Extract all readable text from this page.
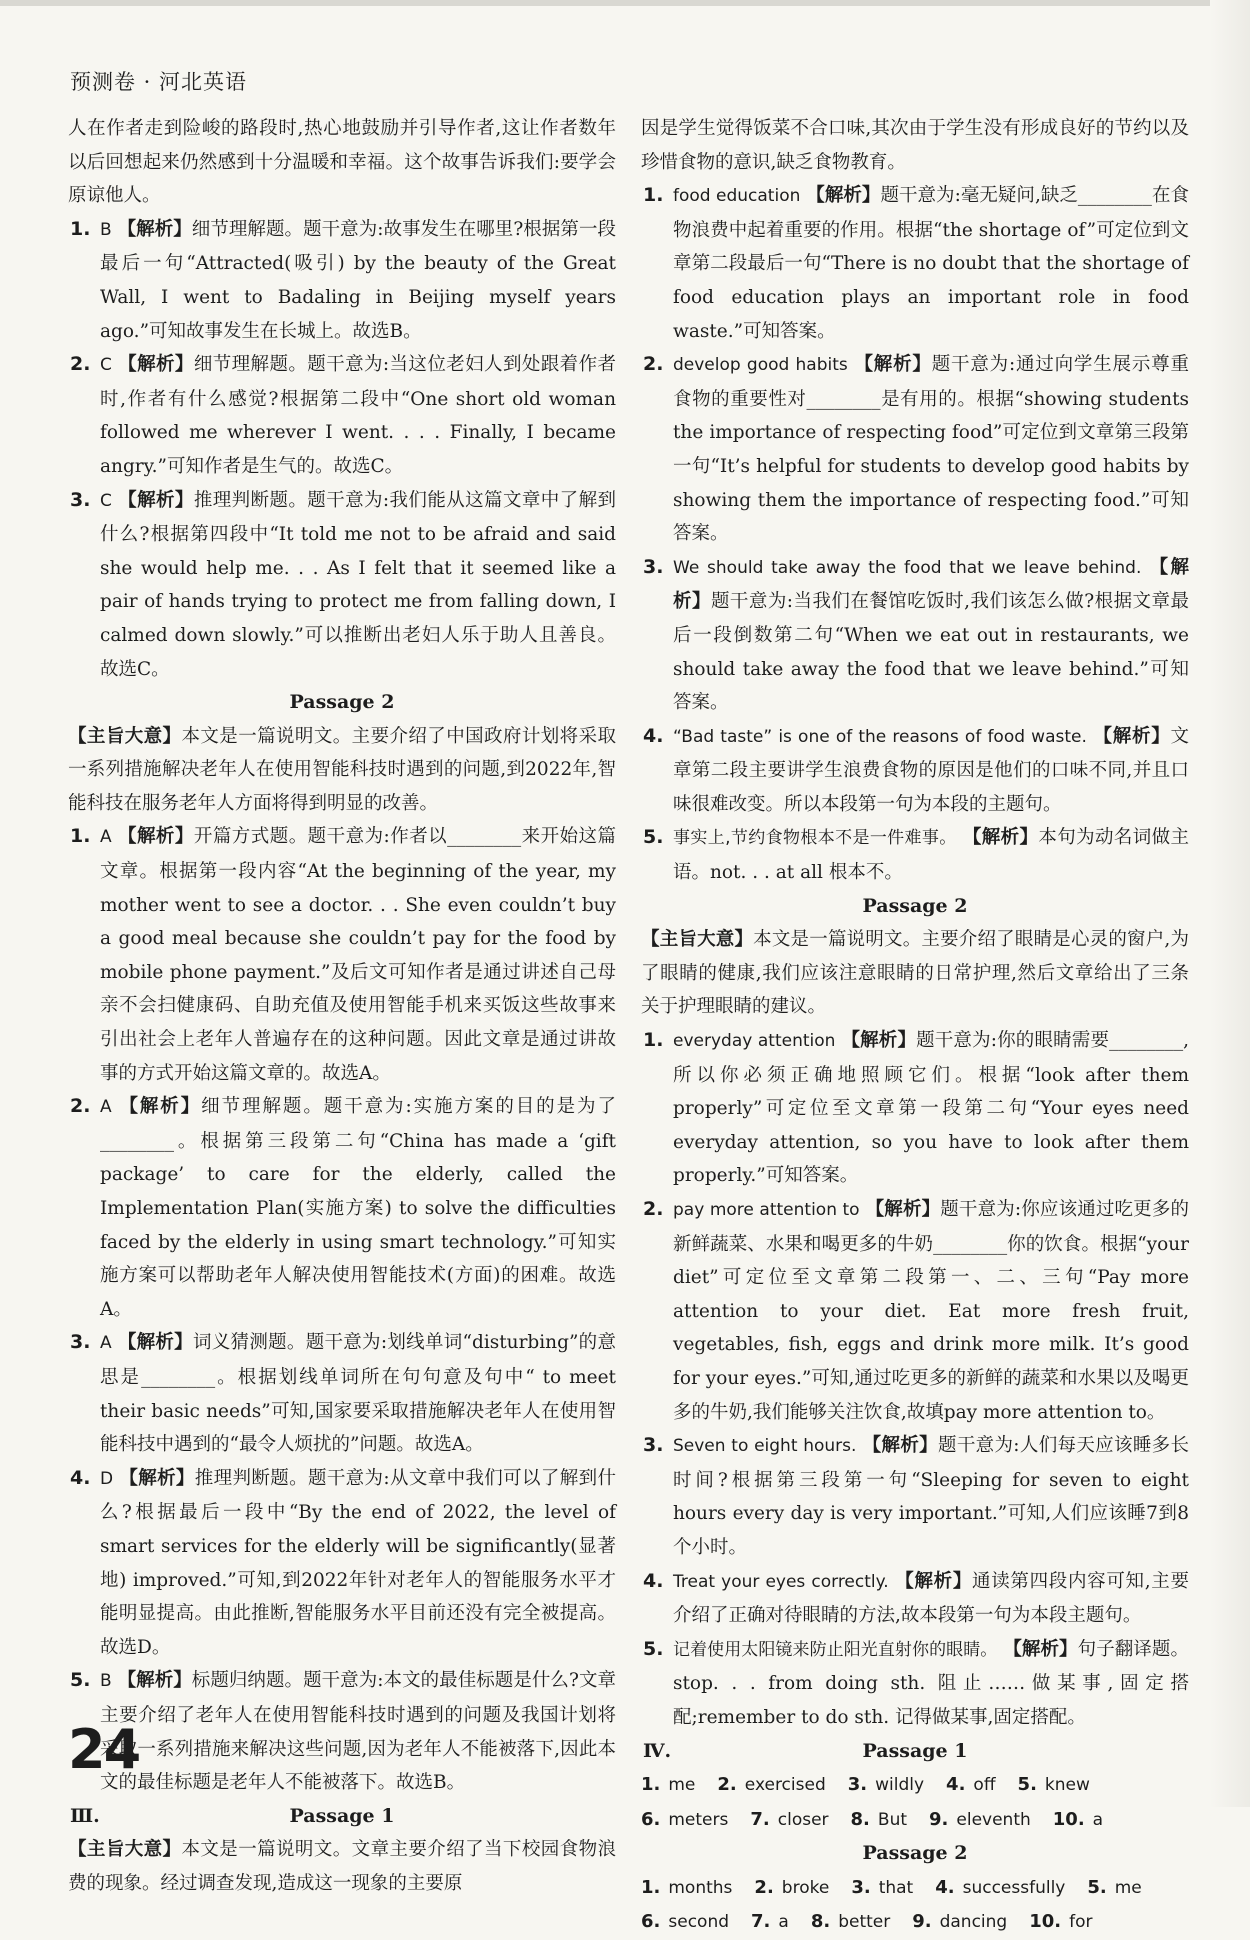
预测卷 · 河北英语

人在作者走到险峻的路段时,热心地鼓励并引导作者,这让作者数年以后回想起来仍然感到十分温暖和幸福。这个故事告诉我们:要学会原谅他人。

1. B 【解析】细节理解题。题干意为:故事发生在哪里?根据第一段最后一句“Attracted(吸引) by the beauty of the Great Wall, I went to Badaling in Beijing myself years ago.”可知故事发生在长城上。故选B。
2. C 【解析】细节理解题。题干意为:当这位老妇人到处跟着作者时,作者有什么感觉?根据第二段中“One short old woman followed me wherever I went. . . . Finally, I became angry.”可知作者是生气的。故选C。
3. C 【解析】推理判断题。题干意为:我们能从这篇文章中了解到什么?根据第四段中“It told me not to be afraid and said she would help me. . . As I felt that it seemed like a pair of hands trying to protect me from falling down, I calmed down slowly.”可以推断出老妇人乐于助人且善良。故选C。

Passage 2

【主旨大意】本文是一篇说明文。主要介绍了中国政府计划将采取一系列措施解决老年人在使用智能科技时遇到的问题,到2022年,智能科技在服务老年人方面将得到明显的改善。

1. A 【解析】开篇方式题。题干意为:作者以________来开始这篇文章。根据第一段内容“At the beginning of the year, my mother went to see a doctor. . . She even couldn’t buy a good meal because she couldn’t pay for the food by mobile phone payment.”及后文可知作者是通过讲述自己母亲不会扫健康码、自助充值及使用智能手机来买饭这些故事来引出社会上老年人普遍存在的这种问题。因此文章是通过讲故事的方式开始这篇文章的。故选A。
2. A 【解析】细节理解题。题干意为:实施方案的目的是为了________。根据第三段第二句“China has made a ‘gift package’ to care for the elderly, called the Implementation Plan(实施方案) to solve the difficulties faced by the elderly in using smart technology.”可知实施方案可以帮助老年人解决使用智能技术(方面)的困难。故选A。
3. A 【解析】词义猜测题。题干意为:划线单词“disturbing”的意思是________。根据划线单词所在句句意及句中“ to meet their basic needs”可知,国家要采取措施解决老年人在使用智能科技中遇到的“最令人烦扰的”问题。故选A。
4. D 【解析】推理判断题。题干意为:从文章中我们可以了解到什么?根据最后一段中“By the end of 2022, the level of smart services for the elderly will be significantly(显著地) improved.”可知,到2022年针对老年人的智能服务水平才能明显提高。由此推断,智能服务水平目前还没有完全被提高。故选D。
5. B 【解析】标题归纳题。题干意为:本文的最佳标题是什么?文章主要介绍了老年人在使用智能科技时遇到的问题及我国计划将采取一系列措施来解决这些问题,因为老年人不能被落下,因此本文的最佳标题是老年人不能被落下。故选B。

Ⅲ.	Passage 1

【主旨大意】本文是一篇说明文。文章主要介绍了当下校园食物浪费的现象。经过调查发现,造成这一现象的主要原

因是学生觉得饭菜不合口味,其次由于学生没有形成良好的节约以及珍惜食物的意识,缺乏食物教育。

1. food education 【解析】题干意为:毫无疑问,缺乏________在食物浪费中起着重要的作用。根据“the shortage of”可定位到文章第二段最后一句“There is no doubt that the shortage of food education plays an important role in food waste.”可知答案。
2. develop good habits 【解析】题干意为:通过向学生展示尊重食物的重要性对________是有用的。根据“showing students the importance of respecting food”可定位到文章第三段第一句“It’s helpful for students to develop good habits by showing them the importance of respecting food.”可知答案。
3. We should take away the food that we leave behind. 【解析】题干意为:当我们在餐馆吃饭时,我们该怎么做?根据文章最后一段倒数第二句“When we eat out in restaurants, we should take away the food that we leave behind.”可知答案。
4. “Bad taste” is one of the reasons of food waste. 【解析】文章第二段主要讲学生浪费食物的原因是他们的口味不同,并且口味很难改变。所以本段第一句为本段的主题句。
5. 事实上,节约食物根本不是一件难事。 【解析】本句为动名词做主语。not. . . at all 根本不。

Passage 2

【主旨大意】本文是一篇说明文。主要介绍了眼睛是心灵的窗户,为了眼睛的健康,我们应该注意眼睛的日常护理,然后文章给出了三条关于护理眼睛的建议。

1. everyday attention 【解析】题干意为:你的眼睛需要________,所以你必须正确地照顾它们。根据“look after them properly”可定位至文章第一段第二句“Your eyes need everyday attention, so you have to look after them properly.”可知答案。
2. pay more attention to 【解析】题干意为:你应该通过吃更多的新鲜蔬菜、水果和喝更多的牛奶________你的饮食。根据“your diet”可定位至文章第二段第一、二、三句“Pay more attention to your diet. Eat more fresh fruit, vegetables, fish, eggs and drink more milk. It’s good for your eyes.”可知,通过吃更多的新鲜的蔬菜和水果以及喝更多的牛奶,我们能够关注饮食,故填pay more attention to。
3. Seven to eight hours. 【解析】题干意为:人们每天应该睡多长时间?根据第三段第一句“Sleeping for seven to eight hours every day is very important.”可知,人们应该睡7到8个小时。
4. Treat your eyes correctly. 【解析】通读第四段内容可知,主要介绍了正确对待眼睛的方法,故本段第一句为本段主题句。
5. 记着使用太阳镜来防止阳光直射你的眼睛。 【解析】句子翻译题。stop. . . from doing sth. 阻止……做某事,固定搭配;remember to do sth. 记得做某事,固定搭配。

Ⅳ.	Passage 1

1. me 2. exercised 3. wildly 4. off 5. knew

6. meters 7. closer 8. But 9. eleventh 10. a

Passage 2

1. months 2. broke 3. that 4. successfully 5. me

6. second 7. a 8. better 9. dancing 10. for

24
